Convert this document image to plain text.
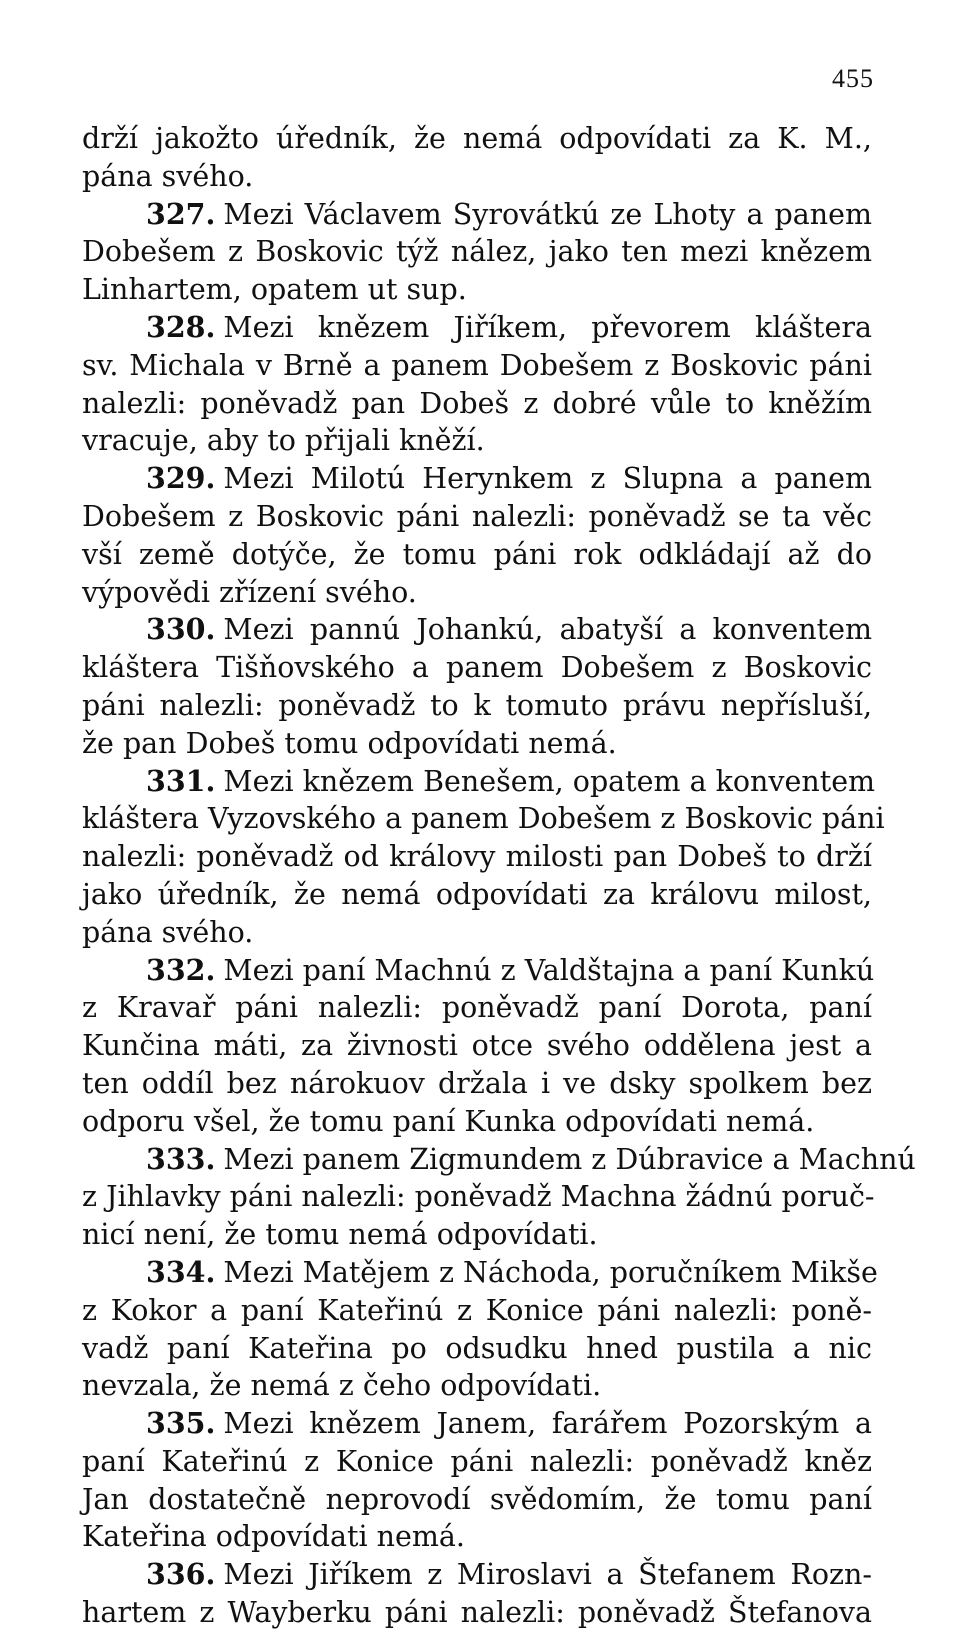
455
drží jakožto úředník, že nemá odpovídati za K. M.,
pána svého.
327. Mezi Václavem Syrovátkú ze Lhoty a panem
Dobešem z Boskovic týž nález, jako ten mezi knězem
Linhartem, opatem ut sup.
328. Mezi knězem Jiříkem, převorem kláštera
sv. Michala v Brně a panem Dobešem z Boskovic páni
nalezli: poněvadž pan Dobeš z dobré vůle to kněžím
vracuje, aby to přijali kněží.
329. Mezi Milotú Herynkem z Slupna a panem
Dobešem z Boskovic páni nalezli: poněvadž se ta věc
vší země dotýče, že tomu páni rok odkládají až do
výpovědi zřízení svého.
330. Mezi pannú Johankú, abatyší a konventem
kláštera Tišňovského a panem Dobešem z Boskovic
páni nalezli: poněvadž to k tomuto právu nepřísluší,
že pan Dobeš tomu odpovídati nemá.
331. Mezi knězem Benešem, opatem a konventem
kláštera Vyzovského a panem Dobešem z Boskovic páni
nalezli: poněvadž od královy milosti pan Dobeš to drží
jako úředník, že nemá odpovídati za královu milost,
pána svého.
332. Mezi paní Machnú z Valdštajna a paní Kunkú
z Kravař páni nalezli: poněvadž paní Dorota, paní
Kunčina máti, za živnosti otce svého oddělena jest a
ten oddíl bez nárokuov držala i ve dsky spolkem bez
odporu všel, že tomu paní Kunka odpovídati nemá.
333. Mezi panem Zigmundem z Dúbravice a Machnú
z Jihlavky páni nalezli: poněvadž Machna žádnú poruč-
nicí není, že tomu nemá odpovídati.
334. Mezi Matějem z Náchoda, poručníkem Mikše
z Kokor a paní Kateřinú z Konice páni nalezli: poně-
vadž paní Kateřina po odsudku hned pustila a nic
nevzala, že nemá z čeho odpovídati.
335. Mezi knězem Janem, farářem Pozorským a
paní Kateřinú z Konice páni nalezli: poněvadž kněz
Jan dostatečně neprovodí svědomím, že tomu paní
Kateřina odpovídati nemá.
336. Mezi Jiříkem z Miroslavi a Štefanem Rozn-
hartem z Wayberku páni nalezli: poněvadž Štefanova
